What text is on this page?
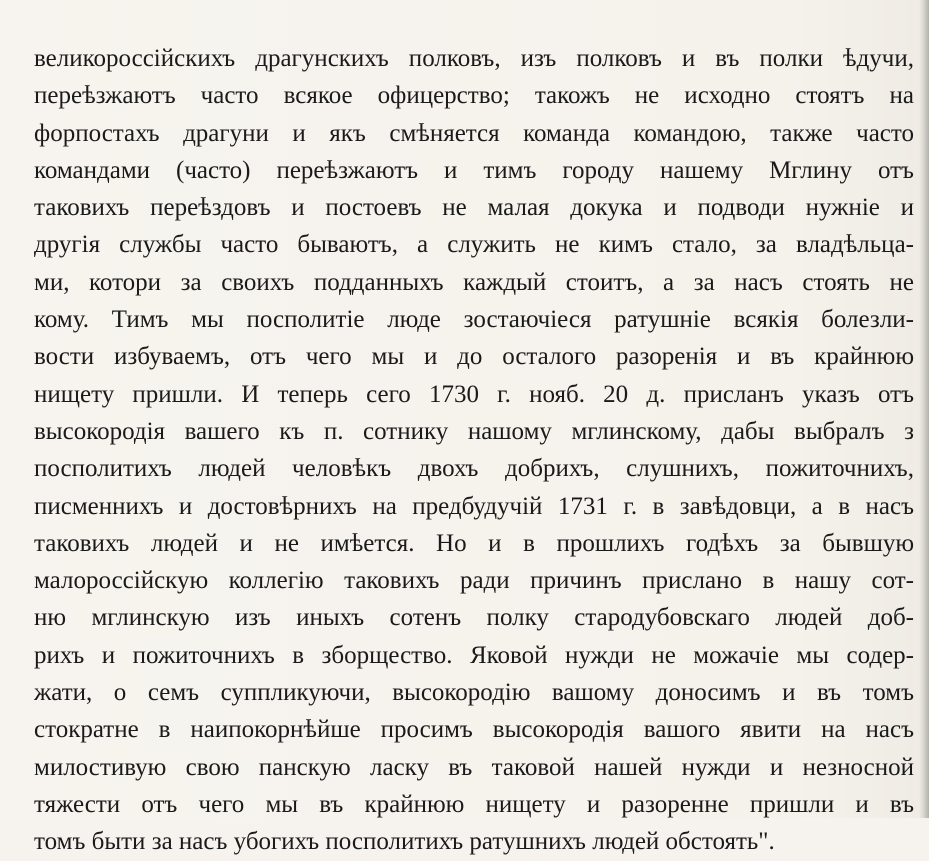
великороссійскихъ драгунскихъ полковъ, изъ полковъ и въ полки ѣдучи,
переѣзжаютъ часто всякое офицерство; такожъ не исходно стоятъ на
форпостахъ драгуни и якъ смѣняется команда командою, также часто
командами (часто) переѣзжаютъ и тимъ городу нашему Мглину отъ
таковихъ переѣздовъ и постоевъ не малая докука и подводи нужніе и
другія службы часто бываютъ, а служить не кимъ стало, за владѣльца-
ми, котори за своихъ подданныхъ каждый стоитъ, а за насъ стоять не
кому. Тимъ мы посполитіе люде зостаючіеся ратушніе всякія болезли-
вости избуваемъ, отъ чего мы и до осталого разоренія и въ крайнюю
нищету пришли. И теперь сего 1730 г. нояб. 20 д. присланъ указъ отъ
высокородія вашего къ п. сотнику нашому мглинскому, дабы выбралъ з
посполитихъ людей человѣкъ двохъ добрихъ, слушнихъ, пожиточнихъ,
писменнихъ и достовѣрнихъ на предбудучій 1731 г. в завѣдовци, а в насъ
таковихъ людей и не имѣется. Но и в прошлихъ годѣхъ за бывшую
малороссійскую коллегію таковихъ ради причинъ прислано в нашу сот-
ню мглинскую изъ иныхъ сотенъ полку стародубовскаго людей доб-
рихъ и пожиточнихъ в зборщество. Яковой нужди не можачіе мы содер-
жати, о семъ суппликуючи, высокородію вашому доносимъ и въ томъ
стократне в наипокорнѣйше просимъ высокородія вашого явити на насъ
милостивую свою панскую ласку въ таковой нашей нужди и незносной
тяжести отъ чего мы въ крайнюю нищету и разоренне пришли и въ
томъ быти за насъ убогихъ посполитихъ ратушнихъ людей обстоять".
